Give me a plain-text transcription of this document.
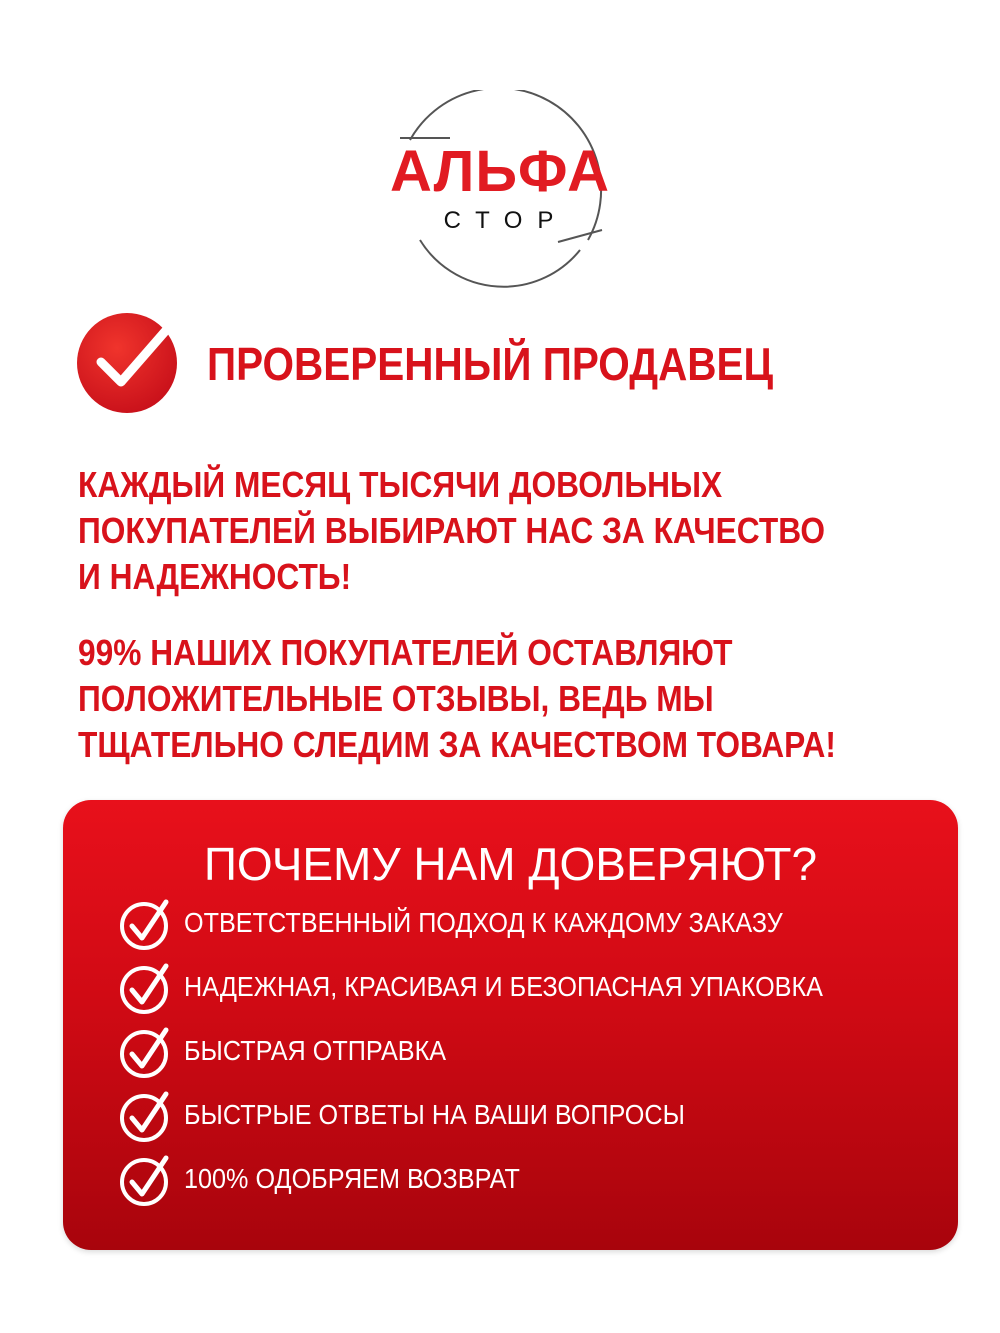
АЛЬФА
СТОР
ПРОВЕРЕННЫЙ ПРОДАВЕЦ
КАЖДЫЙ МЕСЯЦ ТЫСЯЧИ ДОВОЛЬНЫХ
ПОКУПАТЕЛЕЙ ВЫБИРАЮТ НАС ЗА КАЧЕСТВО
И НАДЕЖНОСТЬ!
99% НАШИХ ПОКУПАТЕЛЕЙ ОСТАВЛЯЮТ
ПОЛОЖИТЕЛЬНЫЕ ОТЗЫВЫ, ВЕДЬ МЫ
ТЩАТЕЛЬНО СЛЕДИМ ЗА КАЧЕСТВОМ ТОВАРА!
ПОЧЕМУ НАМ ДОВЕРЯЮТ?
ОТВЕТСТВЕННЫЙ ПОДХОД К КАЖДОМУ ЗАКАЗУ
НАДЕЖНАЯ, КРАСИВАЯ И БЕЗОПАСНАЯ УПАКОВКА
БЫСТРАЯ ОТПРАВКА
БЫСТРЫЕ ОТВЕТЫ НА ВАШИ ВОПРОСЫ
100% ОДОБРЯЕМ ВОЗВРАТ
